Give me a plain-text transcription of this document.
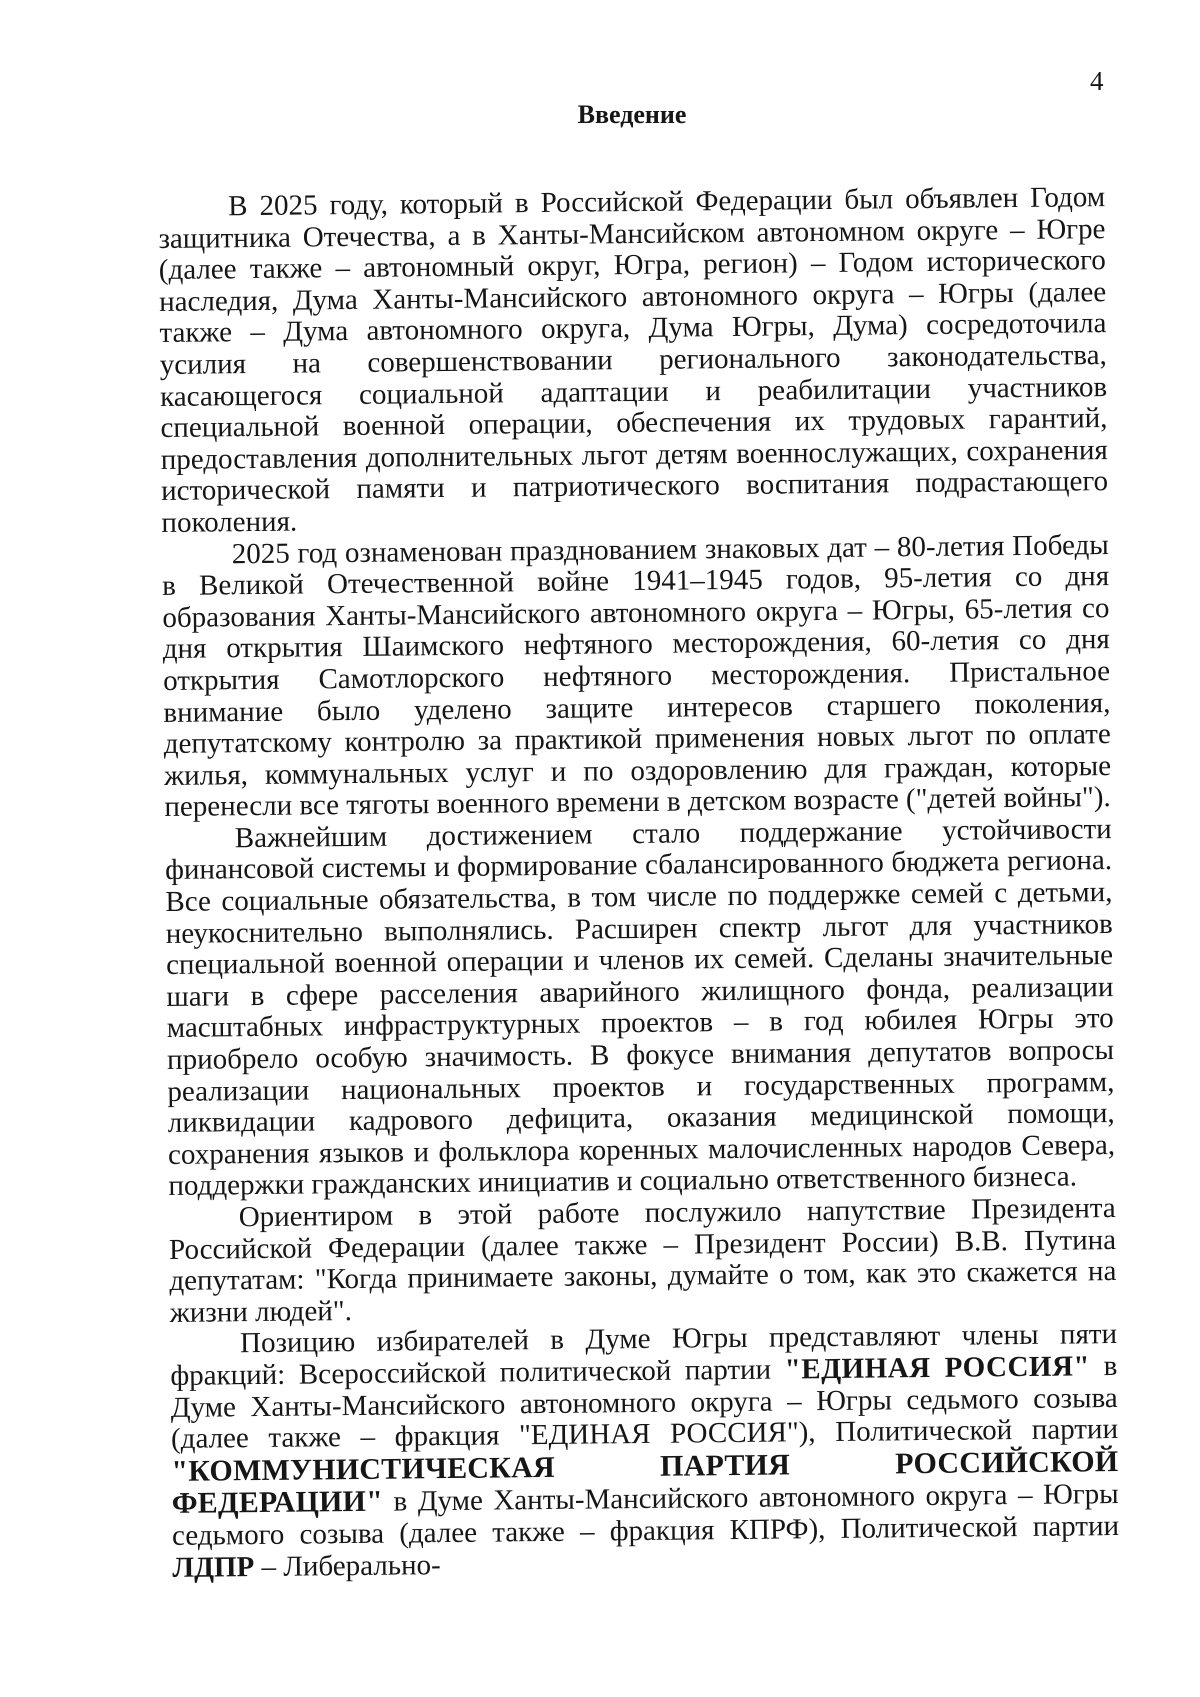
4
Введение

В 2025 году, который в Российской Федерации был объявлен Годом защитника Отечества, а в Ханты-Мансийском автономном округе – Югре (далее также – автономный округ, Югра, регион) – Годом исторического наследия, Дума Ханты-Мансийского автономного округа – Югры (далее также – Дума автономного округа, Дума Югры, Дума) сосредоточила усилия на совершенствовании регионального законодательства, касающегося социальной адаптации и реабилитации участников специальной военной операции, обеспечения их трудовых гарантий, предоставления дополнительных льгот детям военнослужащих, сохранения исторической памяти и патриотического воспитания подрастающего поколения.

2025 год ознаменован празднованием знаковых дат – 80-летия Победы в Великой Отечественной войне 1941–1945 годов, 95-летия со дня образования Ханты-Мансийского автономного округа – Югры, 65-летия со дня открытия Шаимского нефтяного месторождения, 60-летия со дня открытия Самотлорского нефтяного месторождения. Пристальное внимание было уделено защите интересов старшего поколения, депутатскому контролю за практикой применения новых льгот по оплате жилья, коммунальных услуг и по оздоровлению для граждан, которые перенесли все тяготы военного времени в детском возрасте ("детей войны").

Важнейшим достижением стало поддержание устойчивости финансовой системы и формирование сбалансированного бюджета региона. Все социальные обязательства, в том числе по поддержке семей с детьми, неукоснительно выполнялись. Расширен спектр льгот для участников специальной военной операции и членов их семей. Сделаны значительные шаги в сфере расселения аварийного жилищного фонда, реализации масштабных инфраструктурных проектов – в год юбилея Югры это приобрело особую значимость. В фокусе внимания депутатов вопросы реализации национальных проектов и государственных программ, ликвидации кадрового дефицита, оказания медицинской помощи, сохранения языков и фольклора коренных малочисленных народов Севера, поддержки гражданских инициатив и социально ответственного бизнеса.

Ориентиром в этой работе послужило напутствие Президента Российской Федерации (далее также – Президент России) В.В. Путина депутатам: "Когда принимаете законы, думайте о том, как это скажется на жизни людей".

Позицию избирателей в Думе Югры представляют члены пяти фракций: Всероссийской политической партии "ЕДИНАЯ РОССИЯ" в Думе Ханты-Мансийского автономного округа – Югры седьмого созыва (далее также – фракция "ЕДИНАЯ РОССИЯ"), Политической партии "КОММУНИСТИЧЕСКАЯ ПАРТИЯ РОССИЙСКОЙ ФЕДЕРАЦИИ" в Думе Ханты-Мансийского автономного округа – Югры седьмого созыва (далее также – фракция КПРФ), Политической партии ЛДПР – Либерально-
